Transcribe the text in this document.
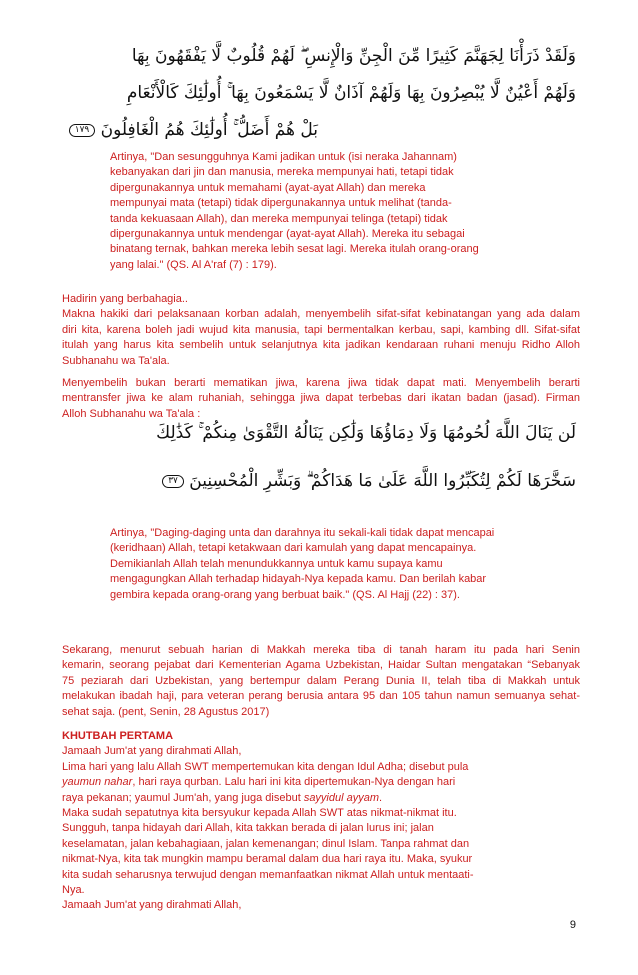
وَلَقَدْ ذَرَأْنَا لِجَهَنَّمَ كَثِيرًا مِّنَ الْجِنِّ وَالْإِنسِ ۖ لَهُمْ قُلُوبٌ لَّا يَفْقَهُونَ بِهَا
وَلَهُمْ أَعْيُنٌ لَّا يُبْصِرُونَ بِهَا وَلَهُمْ آذَانٌ لَّا يَسْمَعُونَ بِهَا ۚ أُولَٰئِكَ كَالْأَنْعَامِ
بَلْ هُمْ أَضَلُّ ۚ أُولَٰئِكَ هُمُ الْغَافِلُونَ ١٧٩

Artinya, "Dan sesungguhnya Kami jadikan untuk (isi neraka Jahannam)

kebanyakan dari jin dan manusia, mereka mempunyai hati, tetapi tidak

dipergunakannya untuk memahami (ayat-ayat Allah) dan mereka

mempunyai mata (tetapi) tidak dipergunakannya untuk melihat (tanda-

tanda kekuasaan Allah), dan mereka mempunyai telinga (tetapi) tidak

dipergunakannya untuk mendengar (ayat-ayat Allah). Mereka itu sebagai

binatang ternak, bahkan mereka lebih sesat lagi. Mereka itulah orang-orang

yang lalai." (QS. Al A'raf (7) : 179).

Hadirin yang berbahagia..

Makna hakiki dari pelaksanaan korban adalah, menyembelih sifat-sifat kebinatangan yang ada dalam

diri kita, karena boleh jadi wujud kita manusia, tapi bermentalkan kerbau, sapi, kambing dll. Sifat-sifat

itulah yang harus kita sembelih untuk selanjutnya kita jadikan kendaraan ruhani menuju Ridho Alloh

Subhanahu wa Ta'ala.

Menyembelih bukan berarti mematikan jiwa, karena jiwa tidak dapat mati. Menyembelih berarti

mentransfer jiwa ke alam ruhaniah, sehingga jiwa dapat terbebas dari ikatan badan (jasad). Firman

Alloh Subhanahu wa Ta'ala :

لَن يَنَالَ اللَّهَ لُحُومُهَا وَلَا دِمَاؤُهَا وَلَٰكِن يَنَالُهُ التَّقْوَىٰ مِنكُمْ ۚ كَذَٰلِكَ
سَخَّرَهَا لَكُمْ لِتُكَبِّرُوا اللَّهَ عَلَىٰ مَا هَدَاكُمْ ۗ وَبَشِّرِ الْمُحْسِنِينَ ٣٧

Artinya, "Daging-daging unta dan darahnya itu sekali-kali tidak dapat mencapai

(keridhaan) Allah, tetapi ketakwaan dari kamulah yang dapat mencapainya.

Demikianlah Allah telah menundukkannya untuk kamu supaya kamu

mengagungkan Allah terhadap hidayah-Nya kepada kamu. Dan berilah kabar

gembira kepada orang-orang yang berbuat baik." (QS. Al Hajj (22) : 37).

Sekarang, menurut sebuah harian di Makkah mereka tiba di tanah haram itu pada hari Senin

kemarin, seorang pejabat dari Kementerian Agama Uzbekistan, Haidar Sultan mengatakan “Sebanyak

75 peziarah dari Uzbekistan, yang bertempur dalam Perang Dunia II, telah tiba di Makkah untuk

melakukan ibadah haji, para veteran perang berusia antara 95 dan 105 tahun namun semuanya sehat-

sehat saja. (pent, Senin, 28 Agustus 2017)

KHUTBAH PERTAMA

Jamaah Jum'at yang dirahmati Allah,

Lima hari yang lalu Allah SWT mempertemukan kita dengan Idul Adha; disebut pula

yaumun nahar, hari raya qurban. Lalu hari ini kita dipertemukan-Nya dengan hari

raya pekanan; yaumul Jum'ah, yang juga disebut sayyidul ayyam.

Maka sudah sepatutnya kita bersyukur kepada Allah SWT atas nikmat-nikmat itu.

Sungguh, tanpa hidayah dari Allah, kita takkan berada di jalan lurus ini; jalan

keselamatan, jalan kebahagiaan, jalan kemenangan; dinul Islam. Tanpa rahmat dan

nikmat-Nya, kita tak mungkin mampu beramal dalam dua hari raya itu. Maka, syukur

kita sudah seharusnya terwujud dengan memanfaatkan nikmat Allah untuk mentaati-

Nya.

Jamaah Jum'at yang dirahmati Allah,

9
